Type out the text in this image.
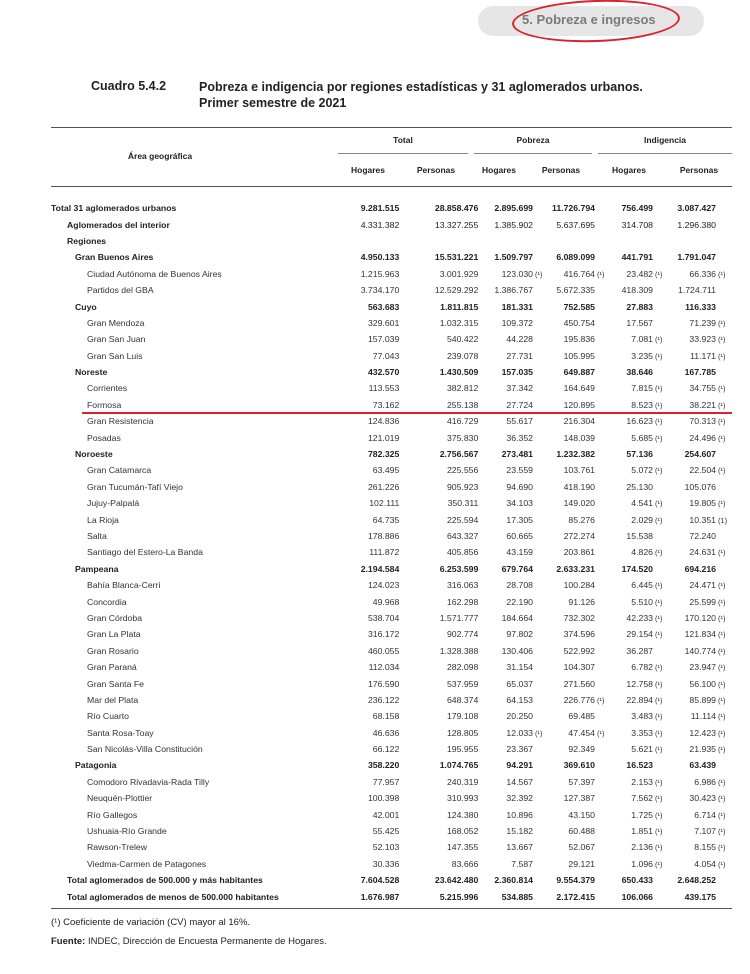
5. Pobreza e ingresos
Cuadro 5.4.2	Pobreza e indigencia por regiones estadísticas y 31 aglomerados urbanos.
Primer semestre de 2021
Área geográfica
Total	Pobreza	Indigencia
Hogares	Personas	Hogares	Personas	Hogares	Personas
Total 31 aglomerados urbanos	9.281.515	28.858.476	2.895.699	11.726.794	756.499	3.087.427
Aglomerados del interior	4.331.382	13.327.255	1.385.902	5.637.695	314.708	1.296.380
Regiones						
Gran Buenos Aires	4.950.133	15.531.221	1.509.797	6.089.099	441.791	1.791.047
Ciudad Autónoma de Buenos Aires	1.215.963	3.001.929	123.030 (¹)	416.764 (¹)	23.482 (¹)	66.336 (¹)
Partidos del GBA	3.734.170	12.529.292	1.386.767	5.672.335	418.309	1.724.711
Cuyo	563.683	1.811.815	181.331	752.585	27.883	116.333
Gran Mendoza	329.601	1.032.315	109.372	450.754	17.567	71.239 (¹)
Gran San Juan	157.039	540.422	44.228	195.836	7.081 (¹)	33.923 (¹)
Gran San Luis	77.043	239.078	27.731	105.995	3.235 (¹)	11.171 (¹)
Noreste	432.570	1.430.509	157.035	649.887	38.646	167.785
Corrientes	113.553	382.812	37.342	164.649	7.815 (¹)	34.755 (¹)
Formosa	73.162	255.138	27.724	120.895	8.523 (¹)	38.221 (¹)
Gran Resistencia	124.836	416.729	55.617	216.304	16.623 (¹)	70.313 (¹)
Posadas	121.019	375.830	36.352	148.039	5.685 (¹)	24.496 (¹)
Noroeste	782.325	2.756.567	273.481	1.232.382	57.136	254.607
Gran Catamarca	63.495	225.556	23.559	103.761	5.072 (¹)	22.504 (¹)
Gran Tucumán-Tafí Viejo	261.226	905.923	94.690	418.190	25.130	105.076
Jujuy-Palpalá	102.111	350.311	34.103	149.020	4.541 (¹)	19.805 (¹)
La Rioja	64.735	225.594	17.305	85.276	2.029 (¹)	10.351 (1)
Salta	178.886	643.327	60.665	272.274	15.538	72.240
Santiago del Estero-La Banda	111.872	405.856	43.159	203.861	4.826 (¹)	24.631 (¹)
Pampeana	2.194.584	6.253.599	679.764	2.633.231	174.520	694.216
Bahía Blanca-Cerri	124.023	316.063	28.708	100.284	6.445 (¹)	24.471 (¹)
Concordia	49.968	162.298	22.190	91.126	5.510 (¹)	25.599 (¹)
Gran Córdoba	538.704	1.571.777	184.664	732.302	42.233 (¹)	170.120 (¹)
Gran La Plata	316.172	902.774	97.802	374.596	29.154 (¹)	121.834 (¹)
Gran Rosario	460.055	1.328.388	130.406	522.992	36.287	140.774 (¹)
Gran Paraná	112.034	282.098	31.154	104.307	6.782 (¹)	23.947 (¹)
Gran Santa Fe	176.590	537.959	65.037	271.560	12.758 (¹)	56.100 (¹)
Mar del Plata	236.122	648.374	64.153	226.776 (¹)	22.894 (¹)	85.899 (¹)
Río Cuarto	68.158	179.108	20.250	69.485	3.483 (¹)	11.114 (¹)
Santa Rosa-Toay	46.636	128.805	12.033 (¹)	47.454 (¹)	3.353 (¹)	12.423 (¹)
San Nicolás-Villa Constitución	66.122	195.955	23.367	92.349	5.621 (¹)	21.935 (¹)
Patagonia	358.220	1.074.765	94.291	369.610	16.523	63.439
Comodoro Rivadavia-Rada Tilly	77.957	240.319	14.567	57.397	2.153 (¹)	6.986 (¹)
Neuquén-Plottier	100.398	310.993	32.392	127.387	7.562 (¹)	30.423 (¹)
Río Gallegos	42.001	124.380	10.896	43.150	1.725 (¹)	6.714 (¹)
Ushuaia-Río Grande	55.425	168.052	15.182	60.488	1.851 (¹)	7.107 (¹)
Rawson-Trelew	52.103	147.355	13.667	52.067	2.136 (¹)	8.155 (¹)
Viedma-Carmen de Patagones	30.336	83.666	7.587	29.121	1.096 (¹)	4.054 (¹)
Total aglomerados de 500.000 y más habitantes	7.604.528	23.642.480	2.360.814	9.554.379	650.433	2.648.252
Total aglomerados de menos de 500.000 habitantes	1.676.987	5.215.996	534.885	2.172.415	106.066	439.175
(¹) Coeficiente de variación (CV) mayor al 16%.
Fuente: INDEC, Dirección de Encuesta Permanente de Hogares.
